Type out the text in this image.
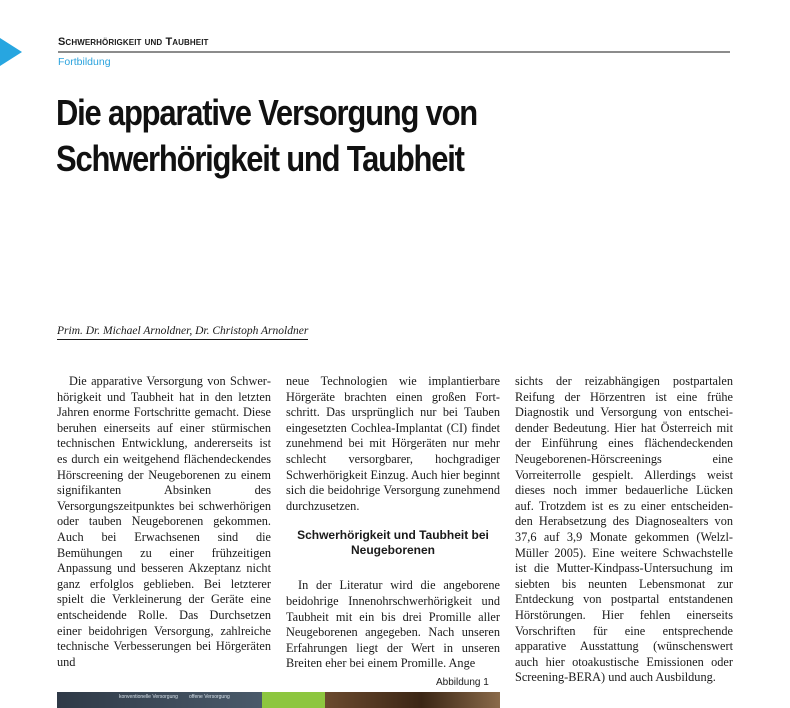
Schwerhörigkeit und Taubheit
Fortbildung
Die apparative Versorgung von
Schwerhörigkeit und Taubheit
Prim. Dr. Michael Arnoldner, Dr. Christoph Arnoldner

Die apparative Versorgung von Schwerhörigkeit und Taubheit hat in den letzten Jahren enorme Fortschritte gemacht. Diese beruhen einerseits auf einer stürmischen technischen Entwicklung, andererseits ist es durch ein weitgehend flächendeckendes Hörscreening der Neugeborenen zu einem signifikanten Absinken des Versorgungszeitpunktes bei schwerhörigen oder tauben Neugeborenen gekommen. Auch bei Erwachsenen sind die Bemühungen zu einer frühzeitigen Anpassung und besseren Akzeptanz nicht ganz erfolglos geblieben. Bei letzterer spielt die Verkleinerung der Geräte eine entscheidende Rolle. Das Durchsetzen einer beidohrigen Versorgung, zahlreiche technische Verbesserungen bei Hörgeräten und

neue Technologien wie implantierbare Hörgeräte brachten einen großen Fortschritt. Das ursprünglich nur bei Tauben eingesetzten Cochlea-Implantat (CI) findet zunehmend bei mit Hörgeräten nur mehr schlecht versorgbarer, hochgradiger Schwerhörigkeit Einzug. Auch hier beginnt sich die beidohrige Versorgung zunehmend durchzusetzen.

Schwerhörigkeit und Taubheit bei Neugeborenen

In der Literatur wird die angeborene beidohrige Innenohrschwerhörigkeit und Taubheit mit ein bis drei Promille aller Neugeborenen angegeben. Nach unseren Erfahrungen liegt der Wert in unseren Breiten eher bei einem Promille. Ange

sichts der reizabhängigen postpartalen Reifung der Hörzentren ist eine frühe Diagnostik und Versorgung von entscheidender Bedeutung. Hier hat Österreich mit der Einführung eines flächendeckenden Neugeborenen-Hörscreenings eine Vorreiterrolle gespielt. Allerdings weist dieses noch immer bedauerliche Lücken auf. Trotzdem ist es zu einer entscheidenden Herabsetzung des Diagnosealters von 37,6 auf 3,9 Monate gekommen (Welzl-Müller 2005). Eine weitere Schwachstelle ist die Mutter-Kindpass-Untersuchung im siebten bis neunten Lebensmonat zur Entdeckung von postpartal entstandenen Hörstörungen. Hier fehlen einerseits Vorschriften für eine entsprechende apparative Ausstattung (wünschenswert auch hier otoakustische Emissionen oder Screening-BERA) und auch Ausbildung.

Abbildung 1
konventionelle Versorgung offene Versorgung
